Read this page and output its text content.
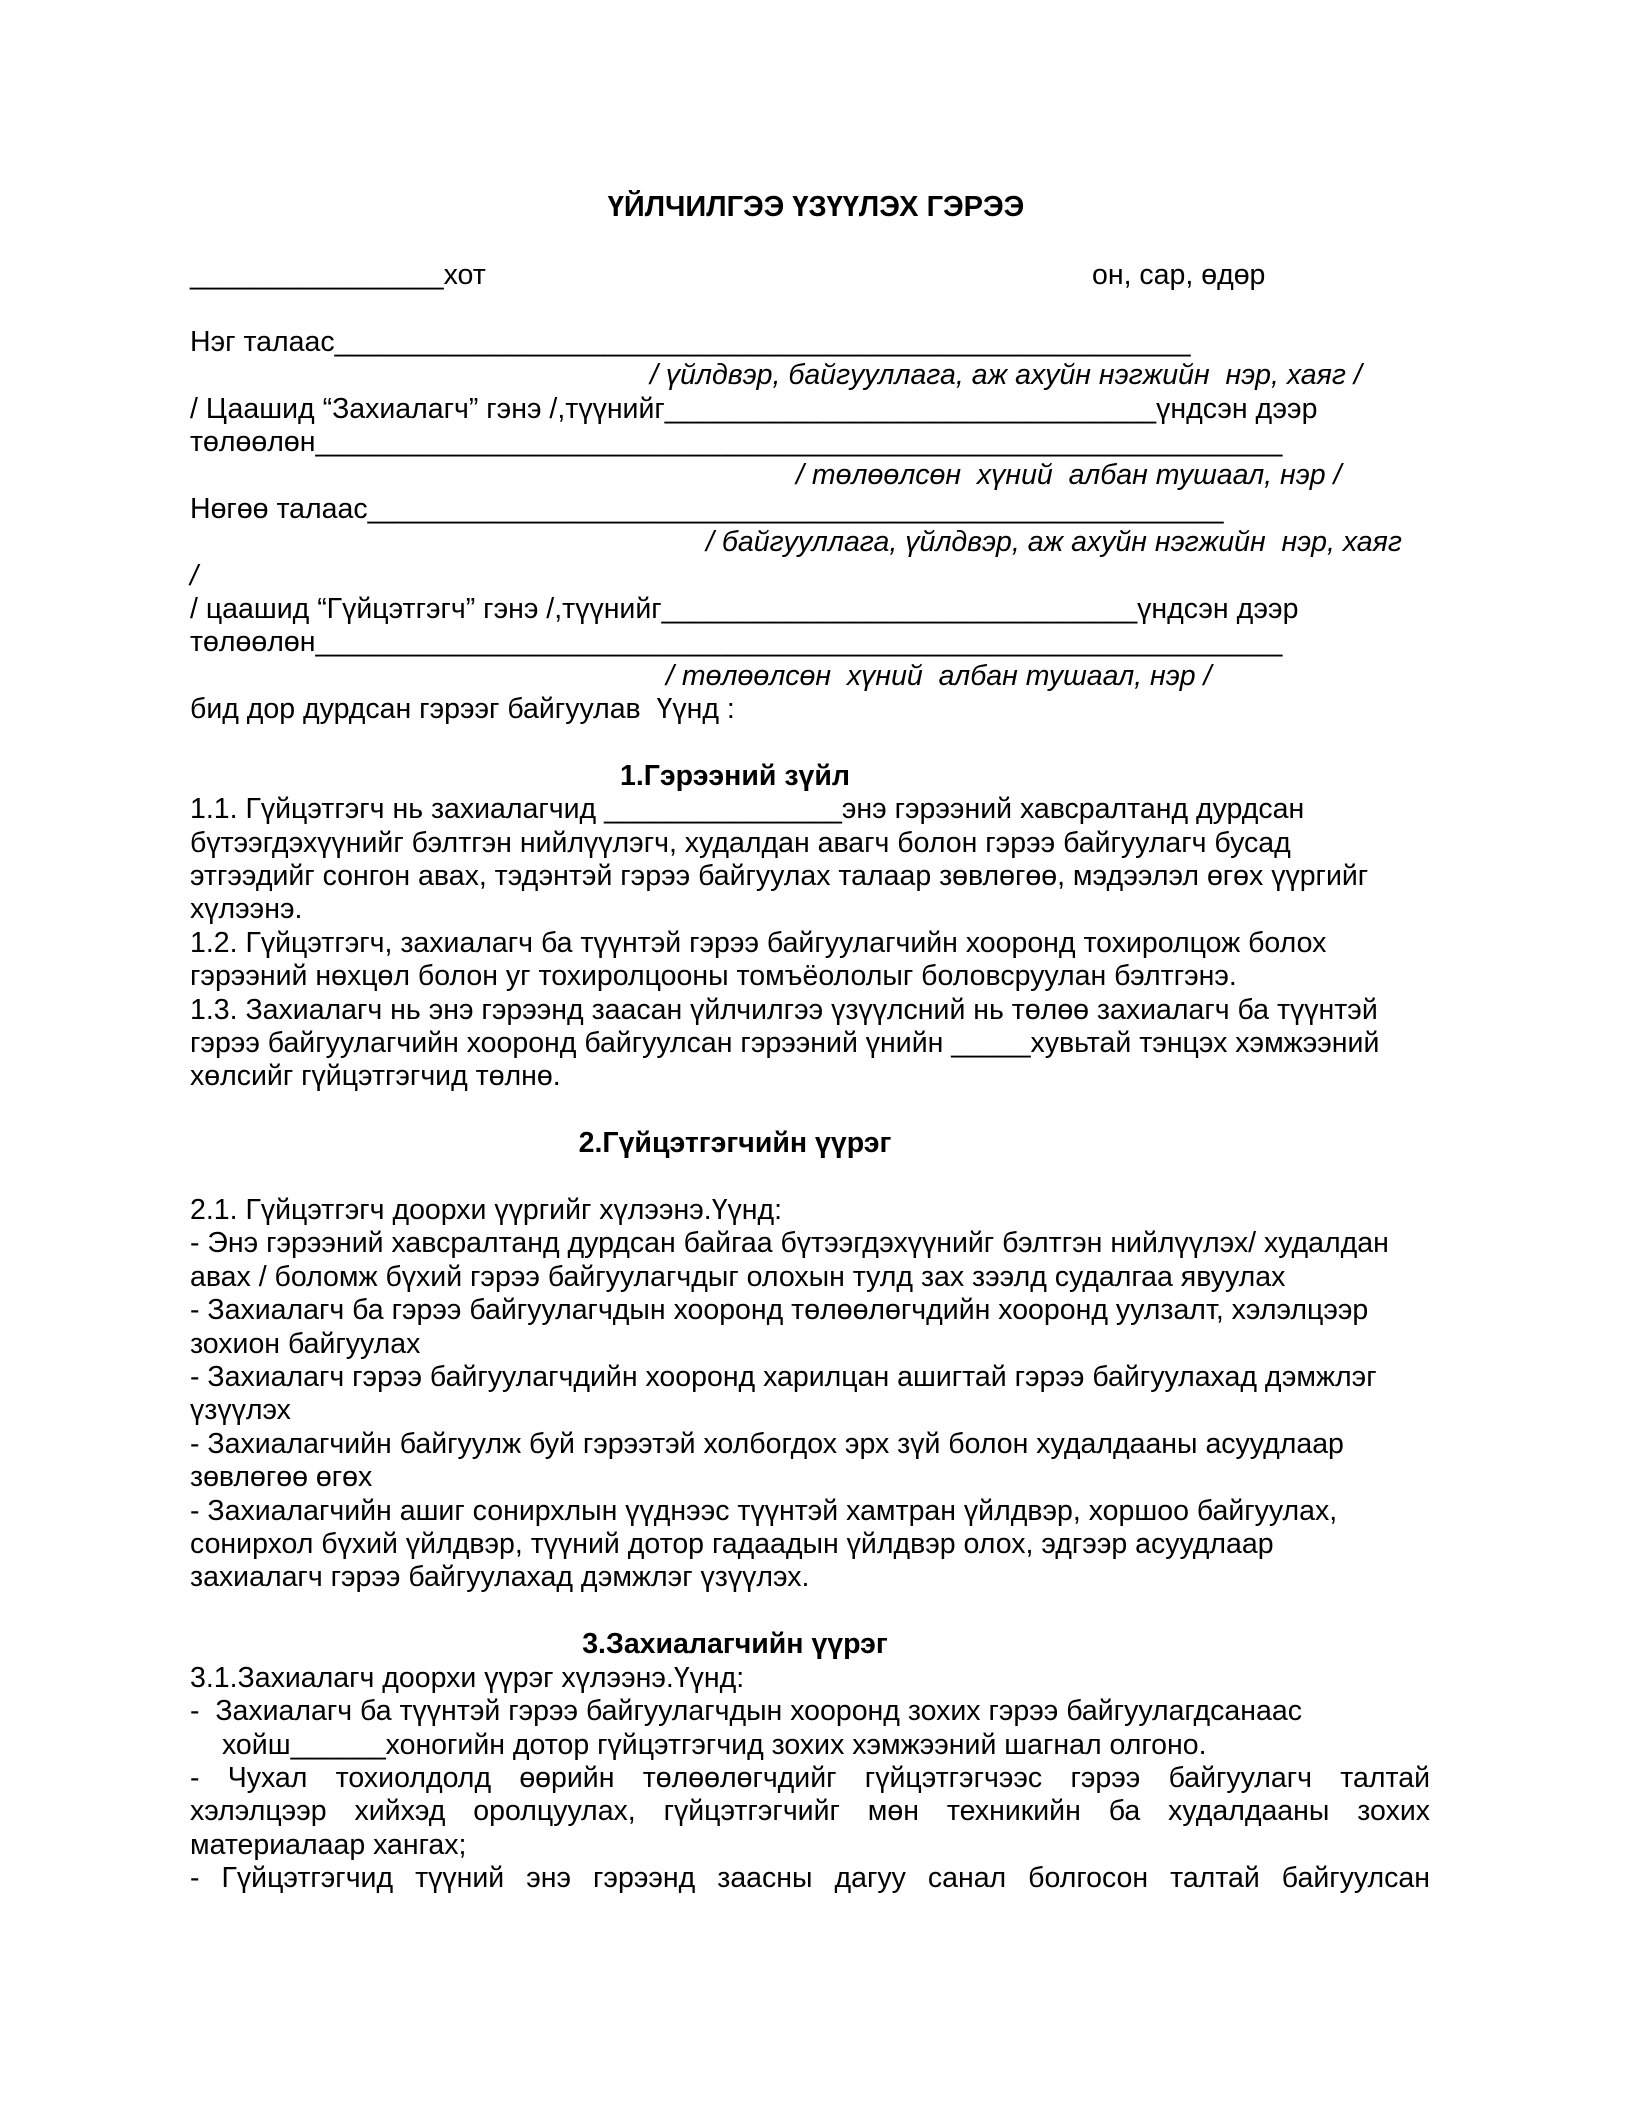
ҮЙЛЧИЛГЭЭ ҮЗҮҮЛЭХ ГЭРЭЭ
________________хот	он, сар, өдөр
Нэг талаас______________________________________________________
/ үйлдвэр, байгууллага, аж ахуйн нэгжийн  нэр, хаяг /
/ Цаашид “Захиалагч” гэнэ /,түүнийг_______________________________үндсэн дээр
төлөөлөн_____________________________________________________________
/ төлөөлсөн  хүний  албан тушаал, нэр /
Нөгөө талаас______________________________________________________
/ байгууллага, үйлдвэр, аж ахуйн нэгжийн  нэр, хаяг
/
/ цаашид “Гүйцэтгэгч” гэнэ /,түүнийг______________________________үндсэн дээр
төлөөлөн_____________________________________________________________
/ төлөөлсөн  хүний  албан тушаал, нэр /
бид дор дурдсан гэрээг байгуулав  Үүнд :
1.Гэрээний зүйл
1.1. Гүйцэтгэгч нь захиалагчид _______________энэ гэрээний хавсралтанд дурдсан
бүтээгдэхүүнийг бэлтгэн нийлүүлэгч, худалдан авагч болон гэрээ байгуулагч бусад
этгээдийг сонгон авах, тэдэнтэй гэрээ байгуулах талаар зөвлөгөө, мэдээлэл өгөх үүргийг
хүлээнэ.
1.2. Гүйцэтгэгч, захиалагч ба түүнтэй гэрээ байгуулагчийн хооронд тохиролцож болох
гэрээний нөхцөл болон уг тохиролцооны томъёололыг боловсруулан бэлтгэнэ.
1.3. Захиалагч нь энэ гэрээнд заасан үйлчилгээ үзүүлсний нь төлөө захиалагч ба түүнтэй
гэрээ байгуулагчийн хооронд байгуулсан гэрээний үнийн _____хувьтай тэнцэх хэмжээний
хөлсийг гүйцэтгэгчид төлнө.
2.Гүйцэтгэгчийн үүрэг
2.1. Гүйцэтгэгч доорхи үүргийг хүлээнэ.Үүнд:
- Энэ гэрээний хавсралтанд дурдсан байгаа бүтээгдэхүүнийг бэлтгэн нийлүүлэх/ худалдан
авах / боломж бүхий гэрээ байгуулагчдыг олохын тулд зах зээлд судалгаа явуулах
- Захиалагч ба гэрээ байгуулагчдын хооронд төлөөлөгчдийн хооронд уулзалт, хэлэлцээр
зохион байгуулах
- Захиалагч гэрээ байгуулагчдийн хооронд харилцан ашигтай гэрээ байгуулахад дэмжлэг
үзүүлэх
- Захиалагчийн байгуулж буй гэрээтэй холбогдох эрх зүй болон худалдааны асуудлаар
зөвлөгөө өгөх
- Захиалагчийн ашиг сонирхлын үүднээс түүнтэй хамтран үйлдвэр, хоршоо байгуулах,
сонирхол бүхий үйлдвэр, түүний дотор гадаадын үйлдвэр олох, эдгээр асуудлаар
захиалагч гэрээ байгуулахад дэмжлэг үзүүлэх.
3.Захиалагчийн үүрэг
3.1.Захиалагч доорхи үүрэг хүлээнэ.Үүнд:
-  Захиалагч ба түүнтэй гэрээ байгуулагчдын хооронд зохих гэрээ байгуулагдсанаас
хойш______хоногийн дотор гүйцэтгэгчид зохих хэмжээний шагнал олгоно.
- Чухал тохиолдолд өөрийн төлөөлөгчдийг гүйцэтгэгчээс гэрээ байгуулагч талтай
хэлэлцээр хийхэд оролцуулах, гүйцэтгэгчийг мөн техникийн ба худалдааны зохих
материалаар хангах;
- Гүйцэтгэгчид түүний энэ гэрээнд заасны дагуу санал болгосон талтай байгуулсан
